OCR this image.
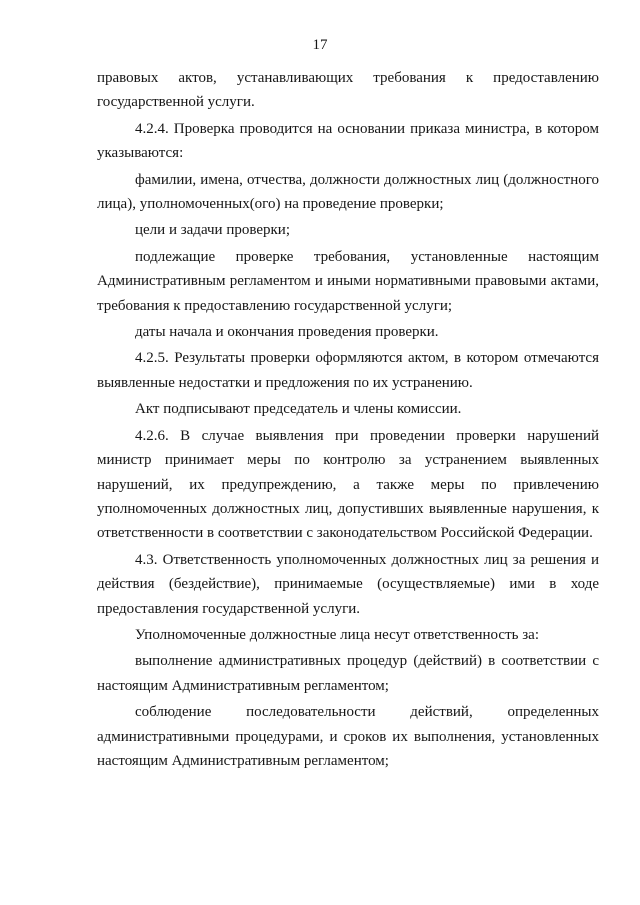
17

правовых актов, устанавливающих требования к предоставлению государственной услуги.

4.2.4. Проверка проводится на основании приказа министра, в котором указываются:

фамилии, имена, отчества, должности должностных лиц (должностного лица), уполномоченных(ого) на проведение проверки;

цели и задачи проверки;

подлежащие проверке требования, установленные настоящим Административным регламентом и иными нормативными правовыми актами, требования к предоставлению государственной услуги;

даты начала и окончания проведения проверки.

4.2.5. Результаты проверки оформляются актом, в котором отмечаются выявленные недостатки и предложения по их устранению.

Акт подписывают председатель и члены комиссии.

4.2.6. В случае выявления при проведении проверки нарушений министр принимает меры по контролю за устранением выявленных нарушений, их предупреждению, а также меры по привлечению уполномоченных должностных лиц, допустивших выявленные нарушения, к ответственности в соответствии с законодательством Российской Федерации.

4.3. Ответственность уполномоченных должностных лиц за решения и действия (бездействие), принимаемые (осуществляемые) ими в ходе предоставления государственной услуги.

Уполномоченные должностные лица несут ответственность за:

выполнение административных процедур (действий) в соответствии с настоящим Административным регламентом;

соблюдение последовательности действий, определенных административными процедурами, и сроков их выполнения, установленных настоящим Административным регламентом;
